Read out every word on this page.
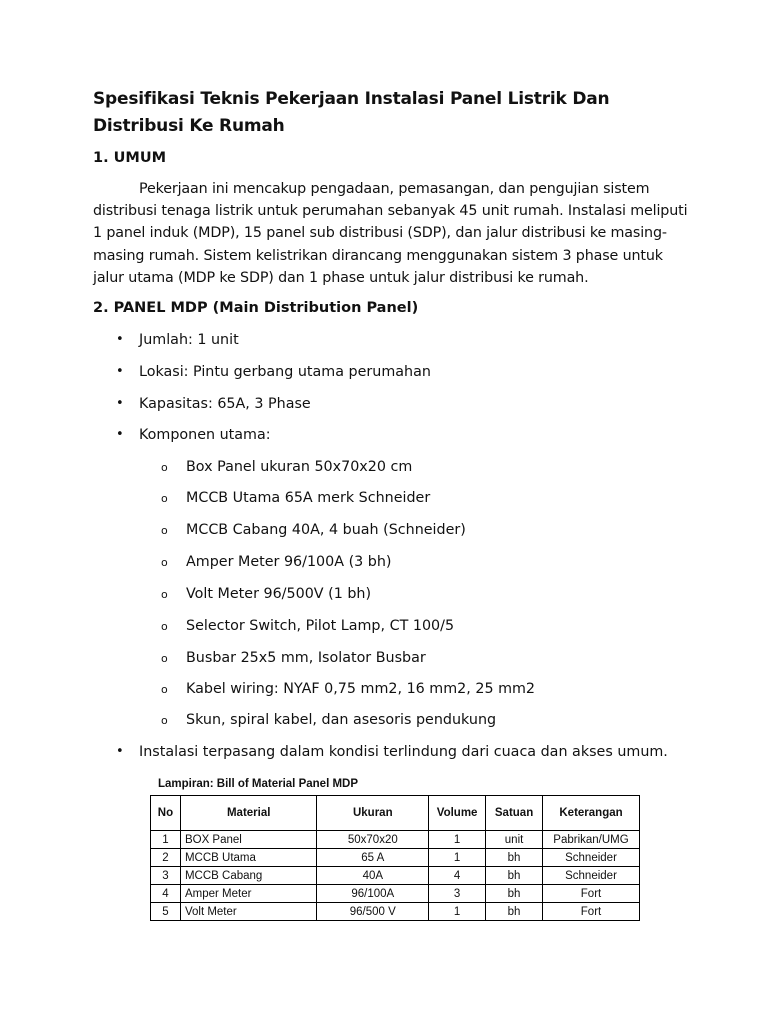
Spesifikasi Teknis Pekerjaan Instalasi Panel Listrik Dan Distribusi Ke Rumah
1. UMUM

Pekerjaan ini mencakup pengadaan, pemasangan, dan pengujian sistem distribusi tenaga listrik untuk perumahan sebanyak 45 unit rumah. Instalasi meliputi 1 panel induk (MDP), 15 panel sub distribusi (SDP), dan jalur distribusi ke masing-masing rumah. Sistem kelistrikan dirancang menggunakan sistem 3 phase untuk jalur utama (MDP ke SDP) dan 1 phase untuk jalur distribusi ke rumah.

2. PANEL MDP (Main Distribution Panel)
• Jumlah: 1 unit
• Lokasi: Pintu gerbang utama perumahan
• Kapasitas: 65A, 3 Phase
• Komponen utama:
o Box Panel ukuran 50x70x20 cm
o MCCB Utama 65A merk Schneider
o MCCB Cabang 40A, 4 buah (Schneider)
o Amper Meter 96/100A (3 bh)
o Volt Meter 96/500V (1 bh)
o Selector Switch, Pilot Lamp, CT 100/5
o Busbar 25x5 mm, Isolator Busbar
o Kabel wiring: NYAF 0,75 mm2, 16 mm2, 25 mm2
o Skun, spiral kabel, dan asesoris pendukung
• Instalasi terpasang dalam kondisi terlindung dari cuaca dan akses umum.
Lampiran: Bill of Material Panel MDP
No	Material	Ukuran	Volume	Satuan	Keterangan
1	BOX Panel	50x70x20	1	unit	Pabrikan/UMG
2	MCCB Utama	65 A	1	bh	Schneider
3	MCCB Cabang	40A	4	bh	Schneider
4	Amper Meter	96/100A	3	bh	Fort
5	Volt Meter	96/500 V	1	bh	Fort
